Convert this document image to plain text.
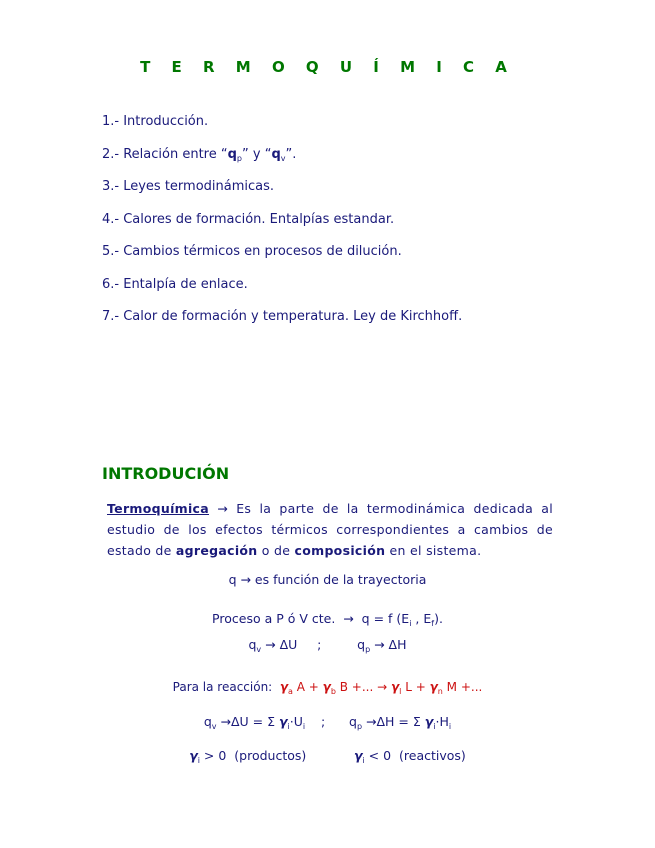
T E R M O Q U Í M I C A
1.- Introducción.
2.- Relación entre “$q_p$” y “$q_v$”.
3.- Leyes termodinámicas.
4.- Calores de formación. Entalpías estandar.
5.- Cambios térmicos en procesos de dilución.
6.- Entalpía de enlace.
7.- Calor de formación y temperatura. Ley de Kirchhoff.
INTRODUCIÓN
Termoquímica → Es la parte de la termodinámica dedicada al estudio de los efectos térmicos correspondientes a cambios de estado de agregación o de composición en el sistema.
q → es función de la trayectoria
Proceso a P ó V cte.  →  q = f ($E_i$ , $E_f$).
$q_v \to \Delta U$     ;         $q_p \to \Delta H$
Para la reacción:  $\gamma_a$ $A + \gamma_b$ B +... → $\gamma_l$ $L + \gamma_n$ M +...
$q_v \to\Delta U = \Sigma$ $\gamma_i\cdot U_i$    ;      $q_p \to\Delta H = \Sigma$ $\gamma_i\cdot H_i$
$\gamma_i > 0$  (productos)            $\gamma_i < 0$  (reactivos)
